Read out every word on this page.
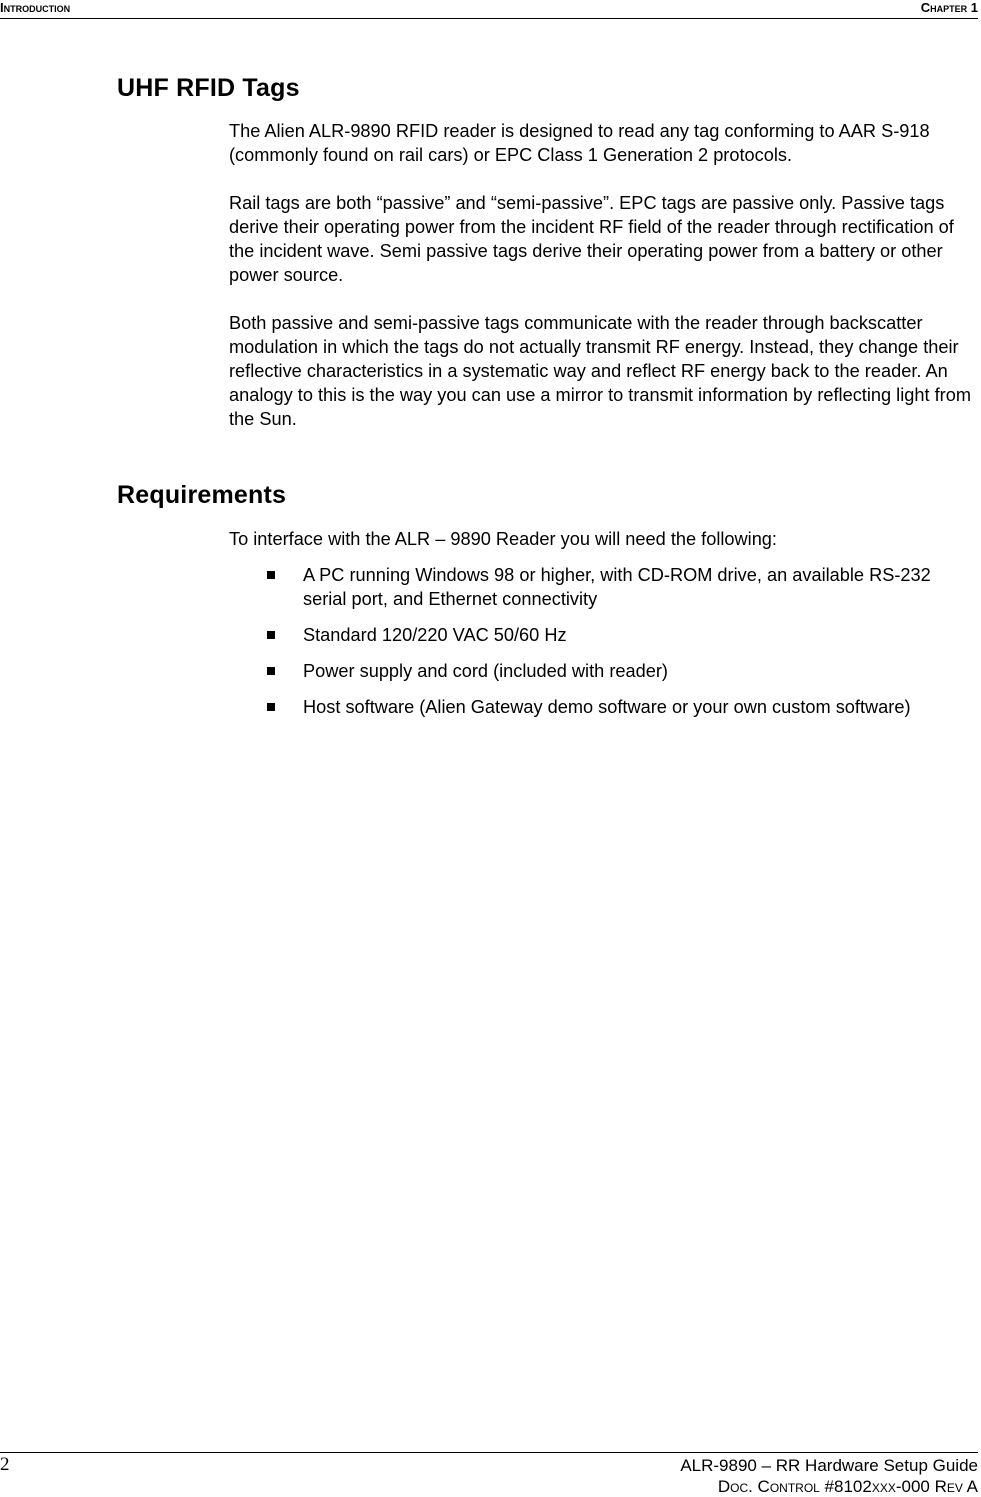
Introduction	Chapter 1
UHF RFID Tags

The Alien ALR-9890 RFID reader is designed to read any tag conforming to AAR S-918 (commonly found on rail cars) or EPC Class 1 Generation 2 protocols.

Rail tags are both “passive” and “semi-passive”. EPC tags are passive only. Passive tags derive their operating power from the incident RF field of the reader through rectification of the incident wave. Semi passive tags derive their operating power from a battery or other power source.

Both passive and semi-passive tags communicate with the reader through backscatter modulation in which the tags do not actually transmit RF energy. Instead, they change their reflective characteristics in a systematic way and reflect RF energy back to the reader. An analogy to this is the way you can use a mirror to transmit information by reflecting light from the Sun.

Requirements

To interface with the ALR – 9890 Reader you will need the following:

A PC running Windows 98 or higher, with CD-ROM drive, an available RS-232 serial port, and Ethernet connectivity
Standard 120/220 VAC 50/60 Hz
Power supply and cord (included with reader)
Host software (Alien Gateway demo software or your own custom software)
2	ALR-9890 – RR Hardware Setup Guide
Doc. Control #8102xxx-000 Rev A
